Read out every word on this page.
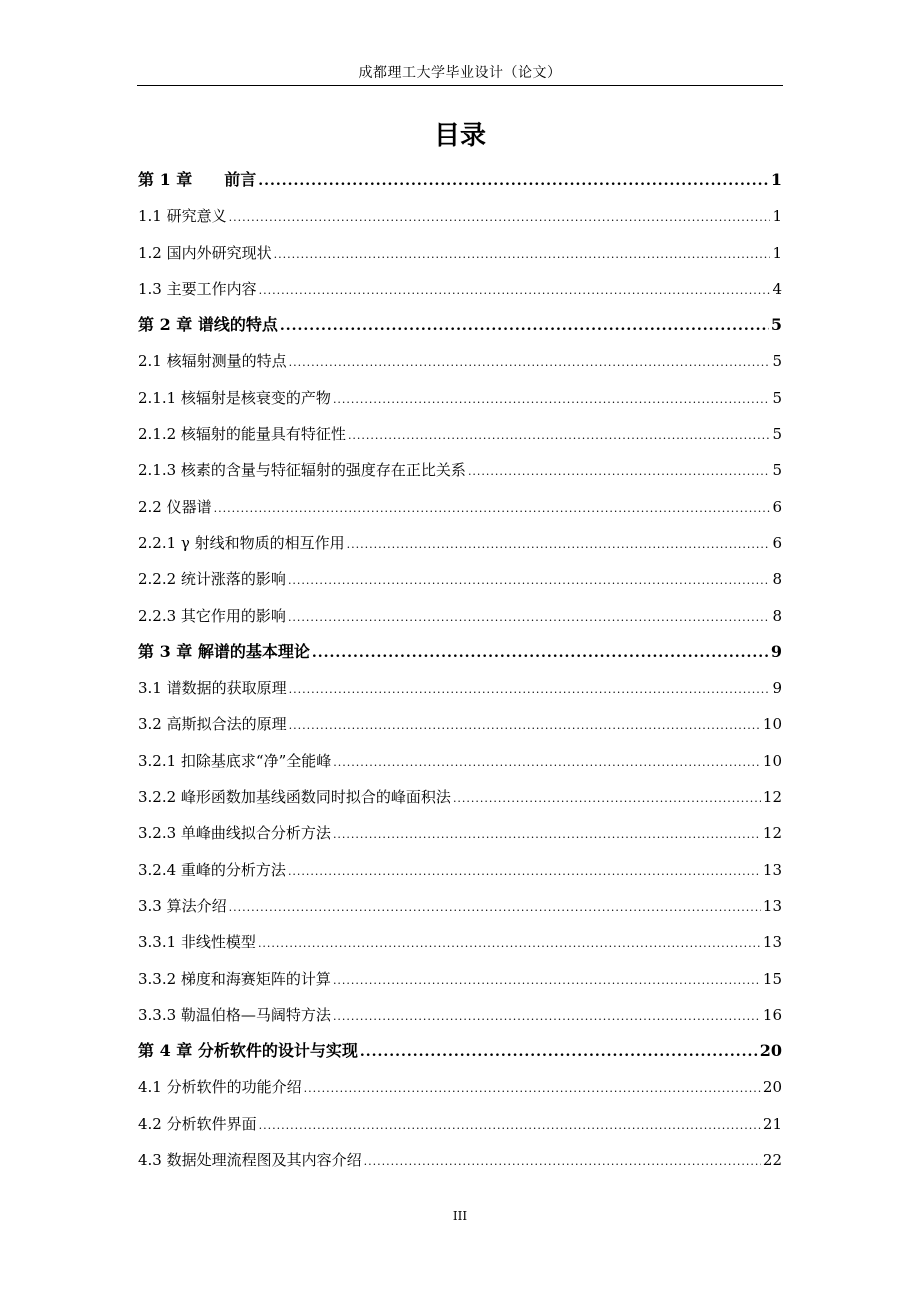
成都理工大学毕业设计（论文）
目录
第 1 章　　前言 .....	1
1.1 研究意义 .....	1
1.2 国内外研究现状 .....	1
1.3 主要工作内容 .....	4
第 2 章 谱线的特点 .....	5
2.1 核辐射测量的特点 .....	5
2.1.1 核辐射是核衰变的产物 .....	5
2.1.2 核辐射的能量具有特征性 .....	5
2.1.3 核素的含量与特征辐射的强度存在正比关系 .....	5
2.2 仪器谱 .....	6
2.2.1 γ 射线和物质的相互作用 .....	6
2.2.2 统计涨落的影响 .....	8
2.2.3 其它作用的影响 .....	8
第 3 章 解谱的基本理论 .....	9
3.1 谱数据的获取原理 .....	9
3.2 高斯拟合法的原理 .....	10
3.2.1 扣除基底求“净”全能峰 .....	10
3.2.2 峰形函数加基线函数同时拟合的峰面积法 .....	12
3.2.3 单峰曲线拟合分析方法 .....	12
3.2.4 重峰的分析方法 .....	13
3.3 算法介绍 .....	13
3.3.1 非线性模型 .....	13
3.3.2 梯度和海赛矩阵的计算 .....	15
3.3.3 勒温伯格—马阔特方法 .....	16
第 4 章 分析软件的设计与实现 .....	20
4.1 分析软件的功能介绍 .....	20
4.2 分析软件界面 .....	21
4.3 数据处理流程图及其内容介绍 .....	22
III
